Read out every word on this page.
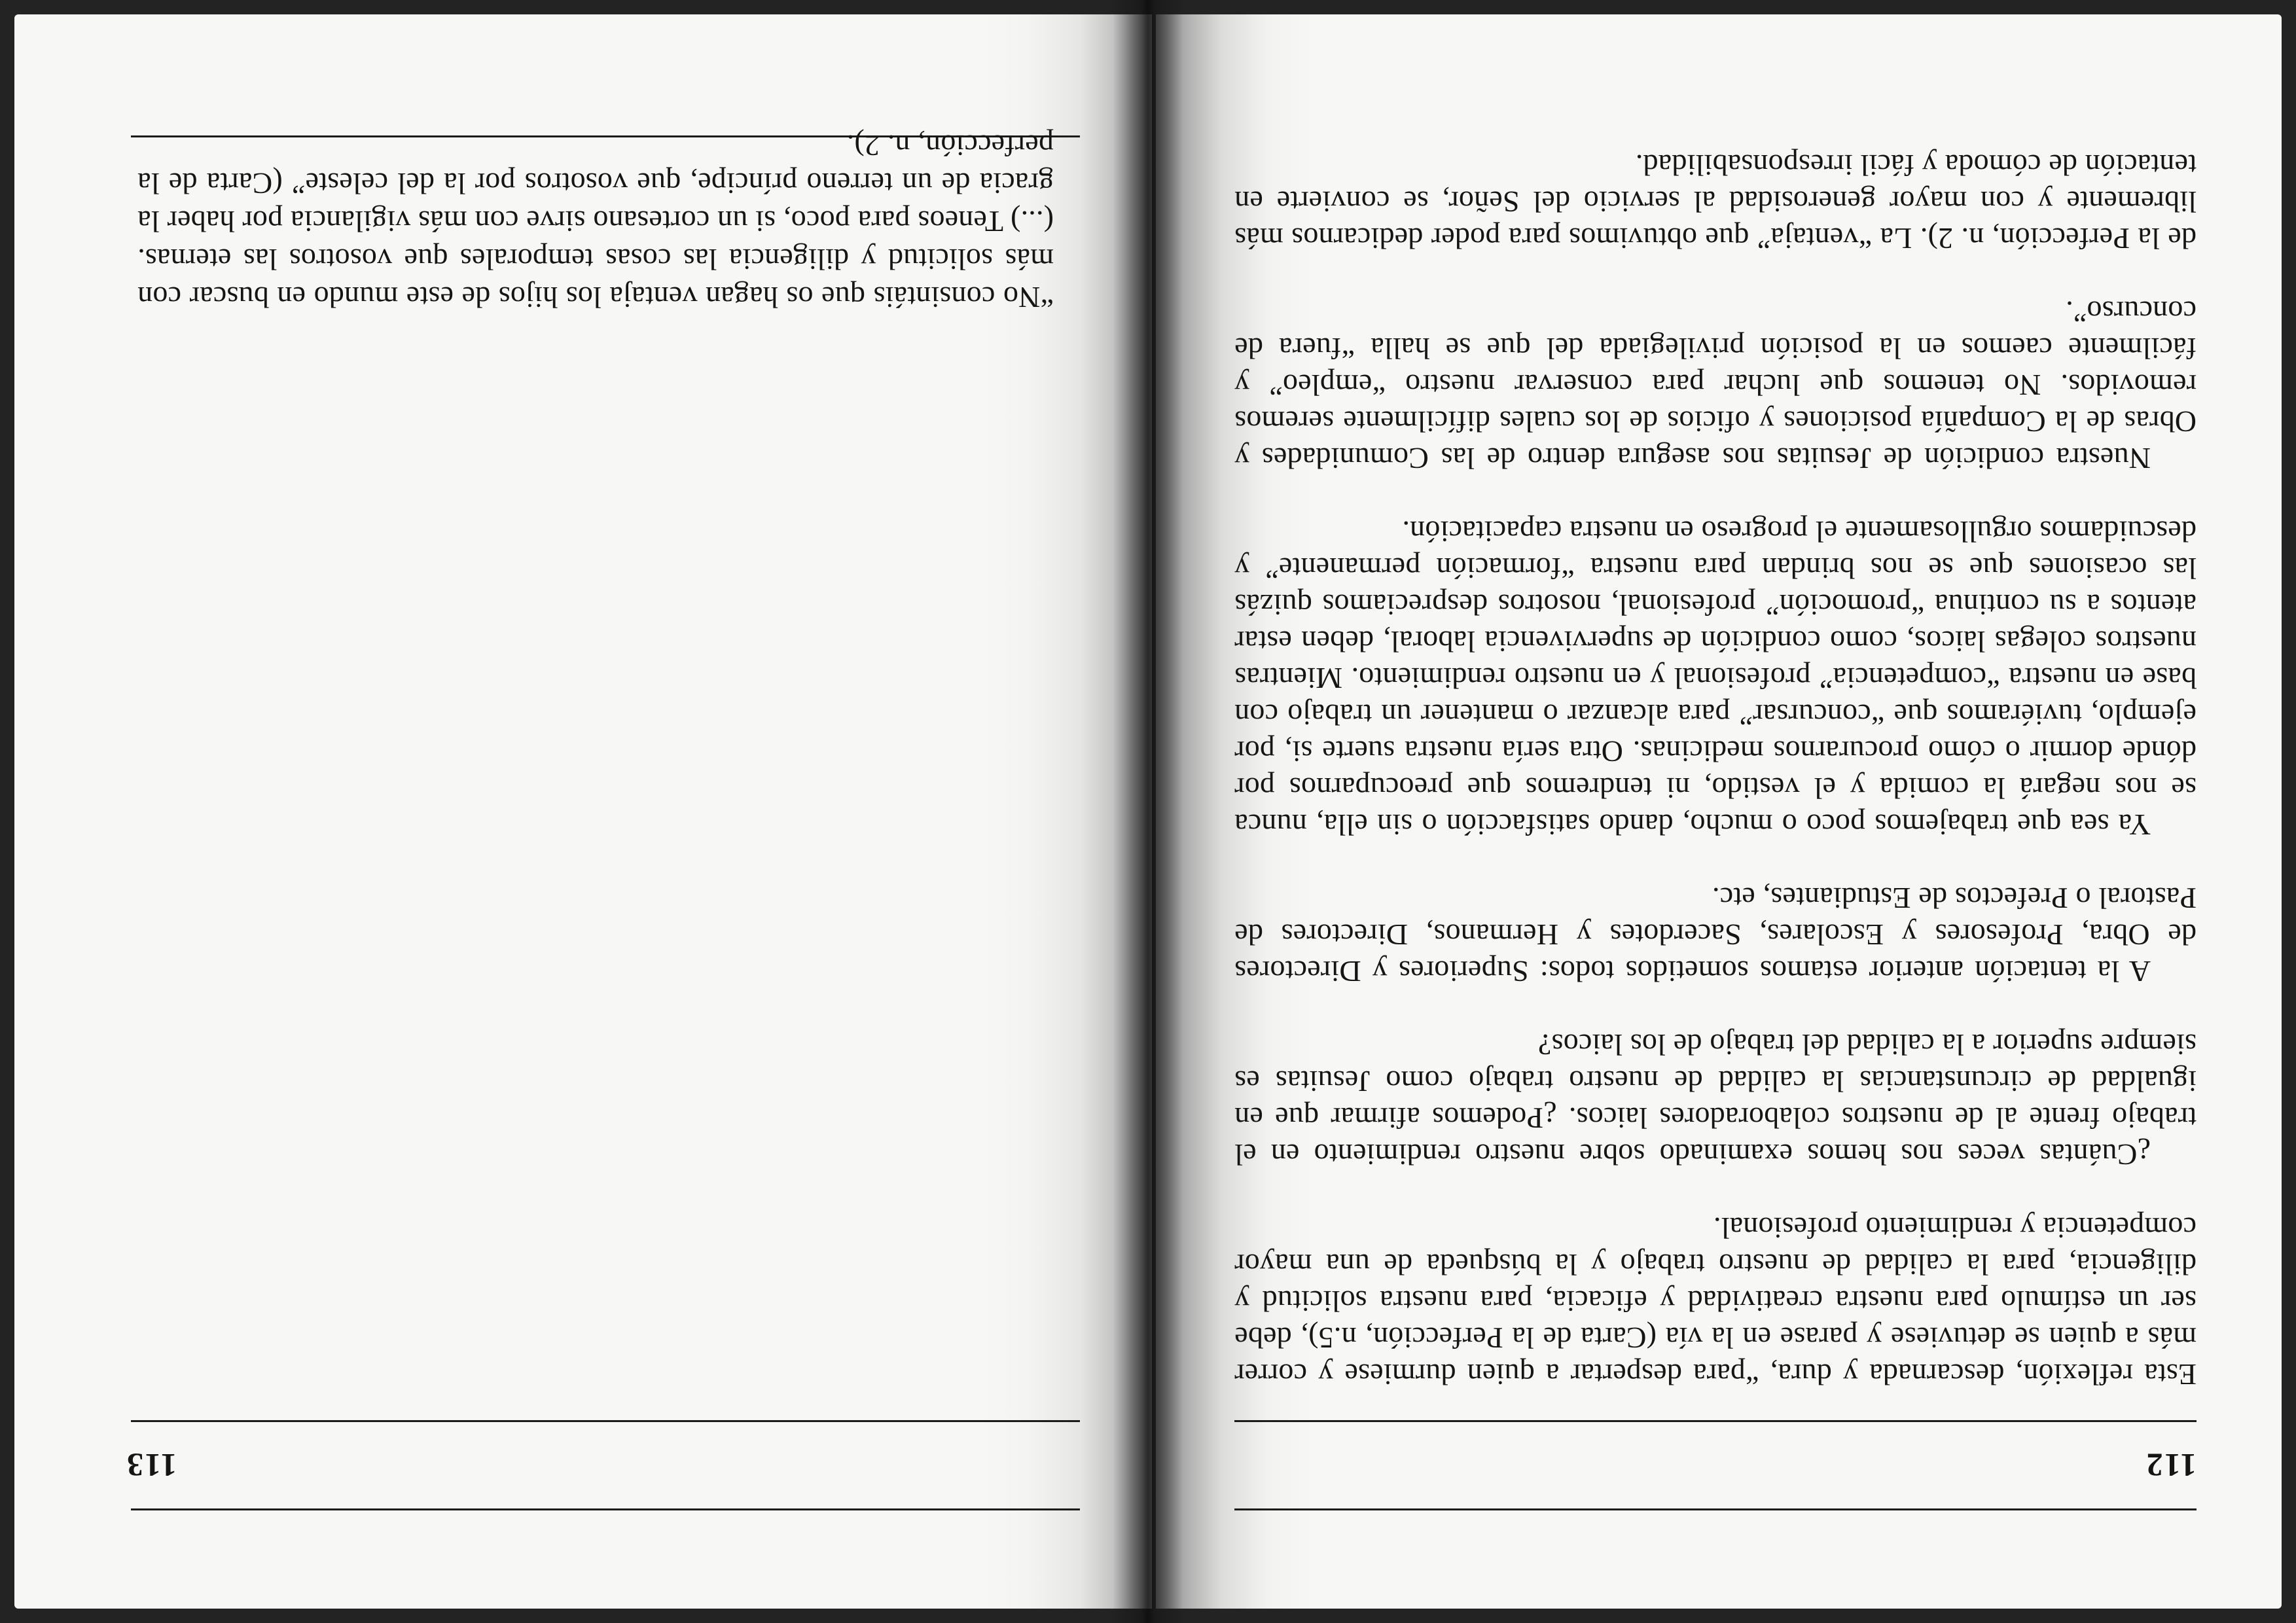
112

Esta reflexión, descarnada y dura, “para despertar a quien durmiese y correr más a quien se detuviese y parase en la vía (Carta de la Perfección, n.5), debe ser un estímulo para nuestra creatividad y eficacia, para nuestra solicitud y diligencia, para la calidad de nuestro trabajo y la búsqueda de una mayor competencia y rendimiento profesional.

¿Cuántas veces nos hemos examinado sobre nuestro rendimiento en el trabajo frente al de nuestros colaboradores laicos. ¿Podemos afirmar que en igualdad de circunstancias la calidad de nuestro trabajo como Jesuitas es siempre superior a la calidad del trabajo de los laicos?

A la tentación anterior estamos sometidos todos: Superiores y Directores de Obra, Profesores y Escolares, Sacerdotes y Hermanos, Directores de Pastoral o Prefectos de Estudiantes, etc.

Ya sea que trabajemos poco o mucho, dando satisfacción o sin ella, nunca se nos negará la comida y el vestido, ni tendremos que preocuparnos por dónde dormir o cómo procurarnos medicinas. Otra sería nuestra suerte si, por ejemplo, tuviéramos que “concursar” para alcanzar o mantener un trabajo con base en nuestra “competencia” profesional y en nuestro rendimiento. Mientras nuestros colegas laicos, como condición de supervivencia laboral, deben estar atentos a su continua “promoción” profesional, nosotros despreciamos quizás las ocasiones que se nos brindan para nuestra “formación permanente” y descuidamos orgullosamente el progreso en nuestra capacitación.

Nuestra condición de Jesuitas nos asegura dentro de las Comunidades y Obras de la Compañía posiciones y oficios de los cuales difícilmente seremos removidos. No tenemos que luchar para conservar nuestro “empleo” y fácilmente caemos en la posición privilegiada del que se halla “fuera de concurso”.

de la Perfección, n. 2). La “ventaja” que obtuvimos para poder dedicarnos más libremente y con mayor generosidad al servicio del Señor, se convierte en tentación de cómoda y fácil irresponsabilidad.

113

“No consintáis que os hagan ventaja los hijos de este mundo en buscar con más solicitud y diligencia las cosas temporales que vosotros las eternas. (...) Teneos para poco, si un cortesano sirve con más vigilancia por haber la gracia de un terreno príncipe, que vosotros por la del celeste” (Carta de la perfección, n. 2).
